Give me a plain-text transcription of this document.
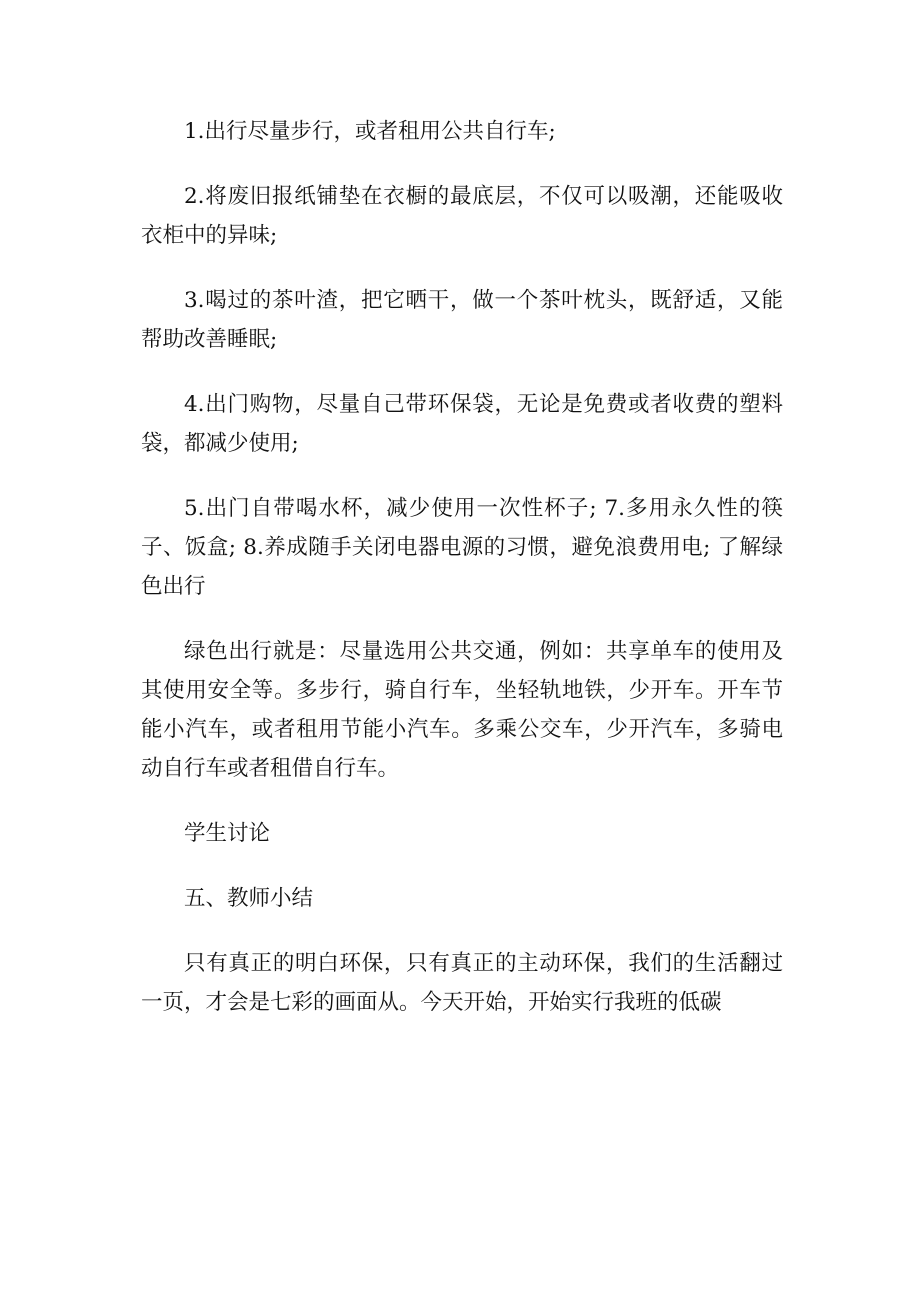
1.出行尽量步行，或者租用公共自行车;

2.将废旧报纸铺垫在衣橱的最底层，不仅可以吸潮，还能吸收衣柜中的异味;

3.喝过的茶叶渣，把它晒干，做一个茶叶枕头，既舒适，又能帮助改善睡眠;

4.出门购物，尽量自己带环保袋，无论是免费或者收费的塑料袋，都减少使用;

5.出门自带喝水杯，减少使用一次性杯子; 7.多用永久性的筷子、饭盒; 8.养成随手关闭电器电源的习惯，避免浪费用电; 了解绿色出行

绿色出行就是：尽量选用公共交通，例如：共享单车的使用及其使用安全等。多步行，骑自行车，坐轻轨地铁，少开车。开车节能小汽车，或者租用节能小汽车。多乘公交车，少开汽车，多骑电动自行车或者租借自行车。

学生讨论

五、教师小结

只有真正的明白环保，只有真正的主动环保，我们的生活翻过一页，才会是七彩的画面从。今天开始，开始实行我班的低碳
